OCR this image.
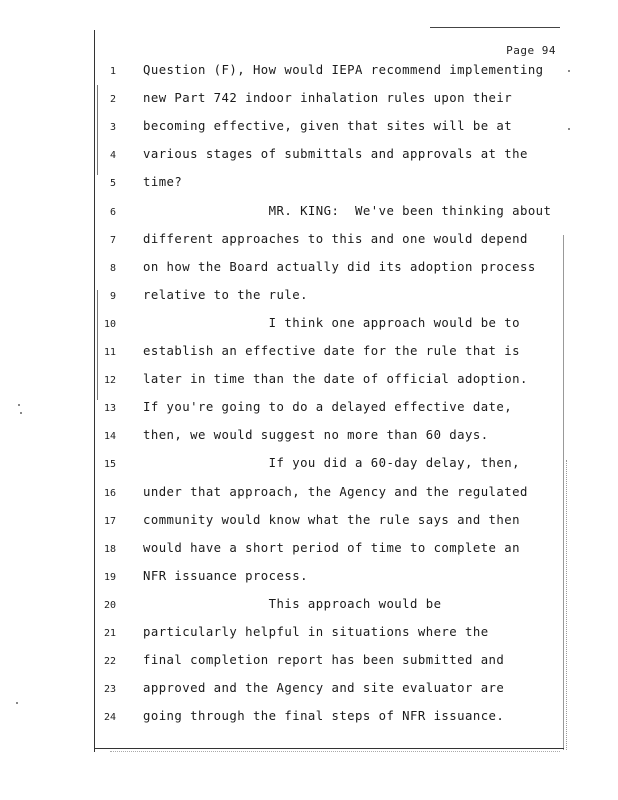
Page 94
1 Question (F), How would IEPA recommend implementing
2 new Part 742 indoor inhalation rules upon their
3 becoming effective, given that sites will be at
4 various stages of submittals and approvals at the
5 time?
6 MR. KING:  We've been thinking about
7 different approaches to this and one would depend
8 on how the Board actually did its adoption process
9 relative to the rule.
10 I think one approach would be to
11 establish an effective date for the rule that is
12 later in time than the date of official adoption.
13 If you're going to do a delayed effective date,
14 then, we would suggest no more than 60 days.
15 If you did a 60-day delay, then,
16 under that approach, the Agency and the regulated
17 community would know what the rule says and then
18 would have a short period of time to complete an
19 NFR issuance process.
20 This approach would be
21 particularly helpful in situations where the
22 final completion report has been submitted and
23 approved and the Agency and site evaluator are
24 going through the final steps of NFR issuance.
